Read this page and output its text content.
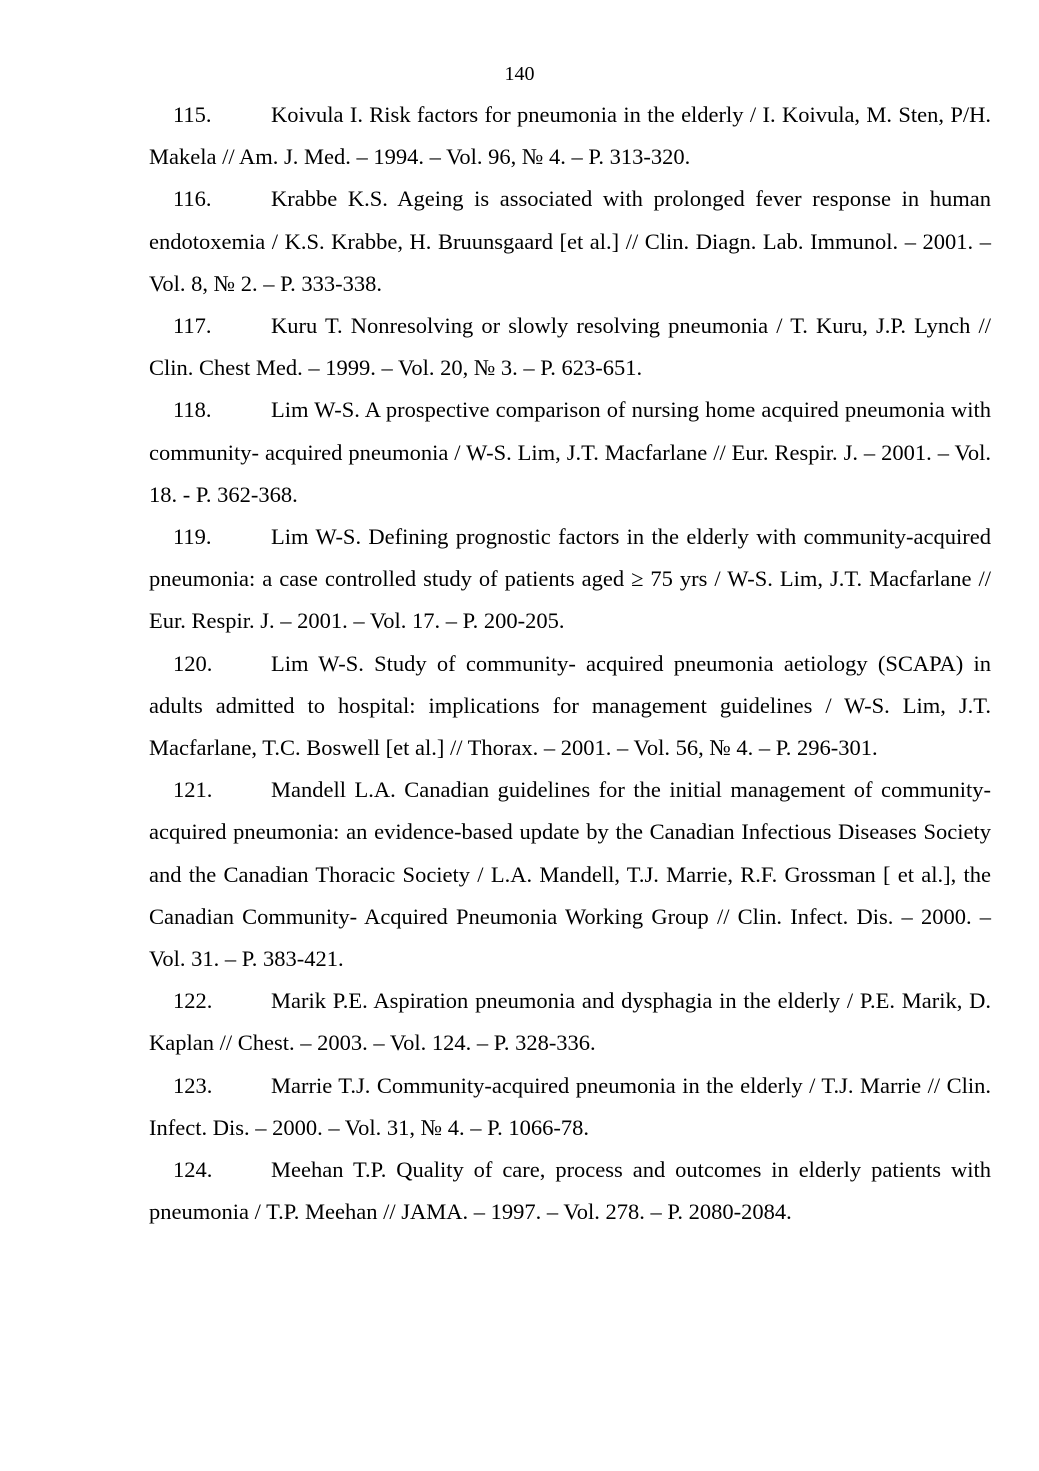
140

115.	Koivula I. Risk factors for pneumonia in the elderly / I. Koivula, M. Sten, P/H. Makela // Am. J. Med. – 1994. – Vol. 96, № 4. – P. 313-320.

116.	Krabbe K.S. Ageing is associated with prolonged fever response in human endotoxemia / K.S. Krabbe, H. Bruunsgaard [et al.] // Clin. Diagn. Lab. Immunol. – 2001. – Vol. 8, № 2. – P. 333-338.

117.	Kuru T. Nonresolving or slowly resolving pneumonia / T. Kuru, J.P. Lynch // Clin. Chest Med. – 1999. – Vol. 20, № 3. – P. 623-651.

118.	Lim W-S. A prospective comparison of nursing home acquired pneumonia with community- acquired pneumonia / W-S. Lim, J.T. Macfarlane // Eur. Respir. J. – 2001. – Vol. 18. - P. 362-368.

119.	Lim W-S. Defining prognostic factors in the elderly with community-acquired pneumonia: a case controlled study of patients aged ≥ 75 yrs / W-S. Lim, J.T. Macfarlane // Eur. Respir. J. – 2001. – Vol. 17. – P. 200-205.

120.	Lim W-S. Study of community- acquired pneumonia aetiology (SCAPA) in adults admitted to hospital: implications for management guidelines / W-S. Lim, J.T. Macfarlane, T.C. Boswell [et al.] // Thorax. – 2001. – Vol. 56, № 4. – P. 296-301.

121.	Mandell L.A. Canadian guidelines for the initial management of community- acquired pneumonia: an evidence-based update by the Canadian Infectious Diseases Society and the Canadian Thoracic Society / L.A. Mandell, T.J. Marrie, R.F. Grossman [ et al.], the Canadian Community- Acquired Pneumonia Working Group // Clin. Infect. Dis. – 2000. – Vol. 31. – P. 383-421.

122.	Marik P.E. Aspiration pneumonia and dysphagia in the elderly / P.E. Marik, D. Kaplan // Chest. – 2003. – Vol. 124. – P. 328-336.

123.	Marrie T.J. Community-acquired pneumonia in the elderly / T.J. Marrie // Clin. Infect. Dis. – 2000. – Vol. 31, № 4. – P. 1066-78.

124.	Meehan T.P. Quality of care, process and outcomes in elderly patients with pneumonia / T.P. Meehan // JAMA. – 1997. – Vol. 278. – P. 2080-2084.
